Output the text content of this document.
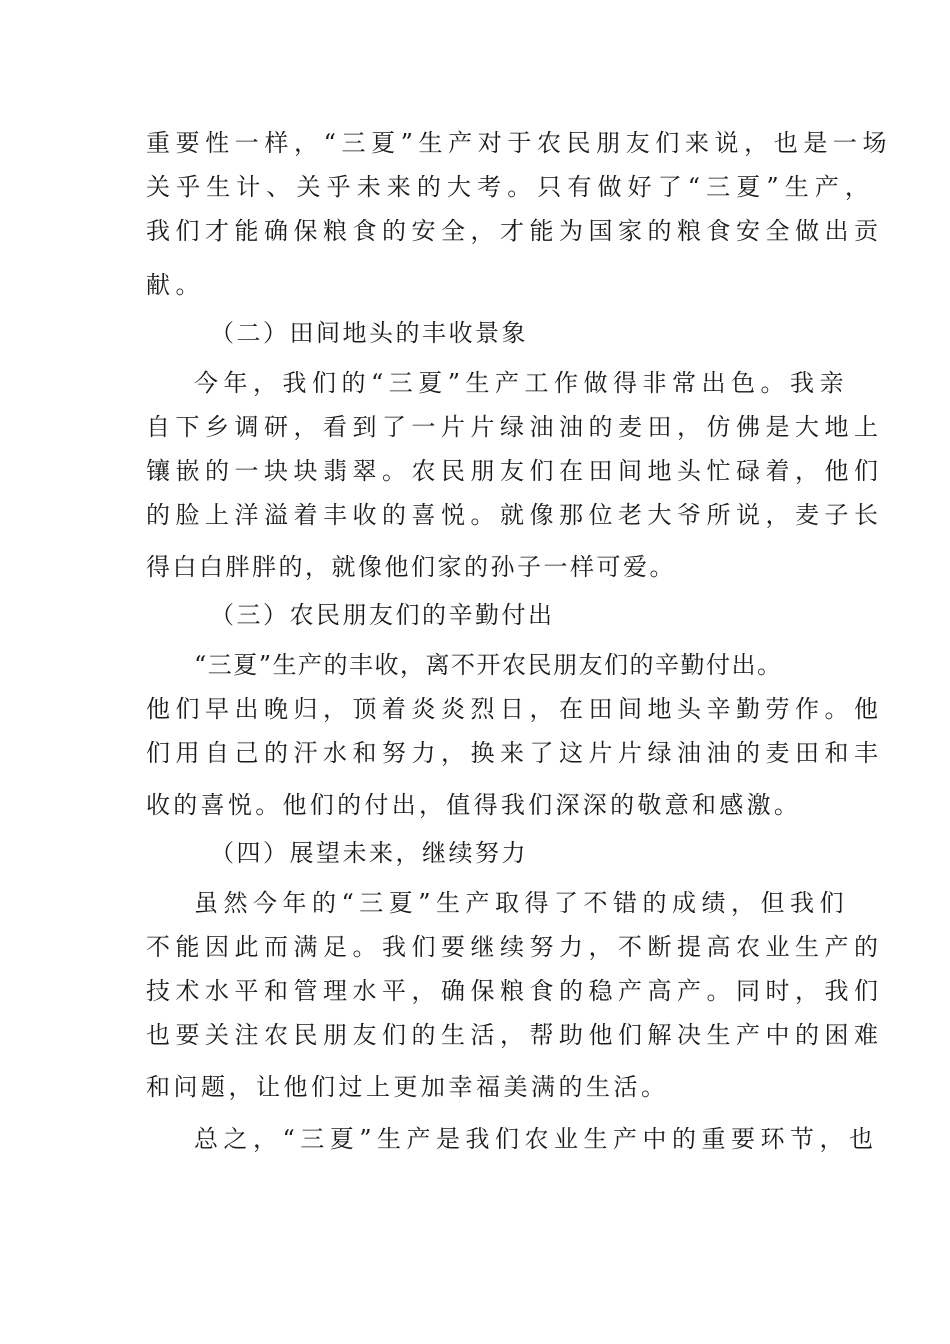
重要性一样，“三夏”生产对于农民朋友们来说，也是一场
关乎生计、关乎未来的大考。只有做好了“三夏”生产，
我们才能确保粮食的安全，才能为国家的粮食安全做出贡
献。
（二）田间地头的丰收景象
今年，我们的“三夏”生产工作做得非常出色。我亲
自下乡调研，看到了一片片绿油油的麦田，仿佛是大地上
镶嵌的一块块翡翠。农民朋友们在田间地头忙碌着，他们
的脸上洋溢着丰收的喜悦。就像那位老大爷所说，麦子长
得白白胖胖的，就像他们家的孙子一样可爱。
（三）农民朋友们的辛勤付出
“三夏”生产的丰收，离不开农民朋友们的辛勤付出。
他们早出晚归，顶着炎炎烈日，在田间地头辛勤劳作。他
们用自己的汗水和努力，换来了这片片绿油油的麦田和丰
收的喜悦。他们的付出，值得我们深深的敬意和感激。
（四）展望未来，继续努力
虽然今年的“三夏”生产取得了不错的成绩，但我们
不能因此而满足。我们要继续努力，不断提高农业生产的
技术水平和管理水平，确保粮食的稳产高产。同时，我们
也要关注农民朋友们的生活，帮助他们解决生产中的困难
和问题，让他们过上更加幸福美满的生活。
总之，“三夏”生产是我们农业生产中的重要环节，也
